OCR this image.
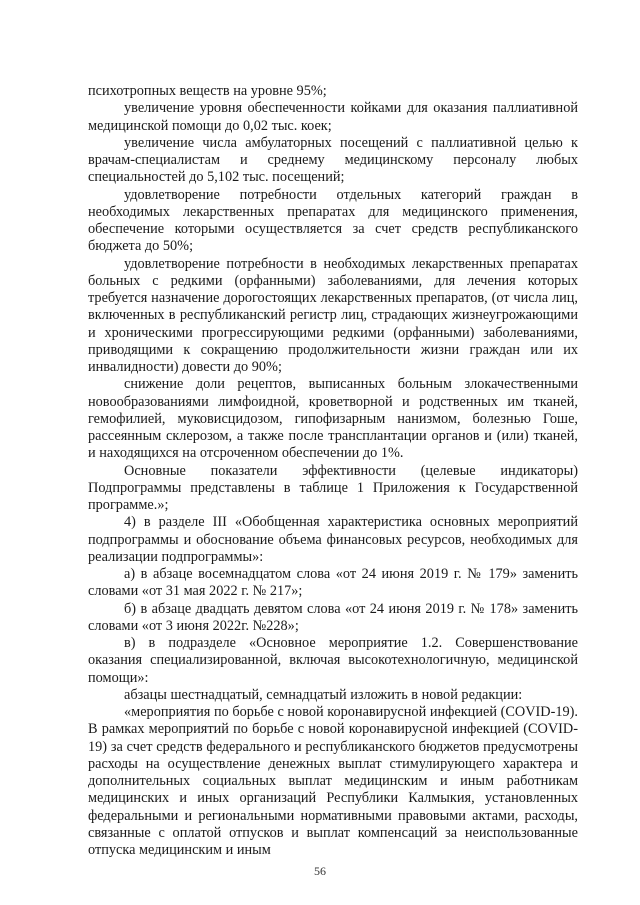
психотропных веществ на уровне 95%;

увеличение уровня обеспеченности койками для оказания паллиативной медицинской помощи до 0,02 тыс. коек;

увеличение числа амбулаторных посещений с паллиативной целью к врачам-специалистам и среднему медицинскому персоналу любых специальностей до 5,102 тыс. посещений;

удовлетворение потребности отдельных категорий граждан в необходимых лекарственных препаратах для медицинского применения, обеспечение которыми осуществляется за счет средств республиканского бюджета до 50%;

удовлетворение потребности в необходимых лекарственных препаратах больных с редкими (орфанными) заболеваниями, для лечения которых требуется назначение дорогостоящих лекарственных препаратов, (от числа лиц, включенных в республиканский регистр лиц, страдающих жизнеугрожающими и хроническими прогрессирующими редкими (орфанными) заболеваниями, приводящими к сокращению продолжительности жизни граждан или их инвалидности) довести до 90%;

снижение доли рецептов, выписанных больным злокачественными новообразованиями лимфоидной, кроветворной и родственных им тканей, гемофилией, муковисцидозом, гипофизарным нанизмом, болезнью Гоше, рассеянным склерозом, а также после трансплантации органов и (или) тканей, и находящихся на отсроченном обеспечении до 1%.

Основные показатели эффективности (целевые индикаторы) Подпрограммы представлены в таблице 1 Приложения к Государственной программе.»;

4) в разделе III «Обобщенная характеристика основных мероприятий подпрограммы и обоснование объема финансовых ресурсов, необходимых для реализации подпрограммы»:

а) в абзаце восемнадцатом слова «от 24 июня 2019 г. № 179» заменить словами «от 31 мая 2022 г. № 217»;

б) в абзаце двадцать девятом слова «от 24 июня 2019 г. № 178» заменить словами «от 3 июня 2022г. №228»;

в) в подразделе «Основное мероприятие 1.2. Совершенствование оказания специализированной, включая высокотехнологичную, медицинской помощи»:

абзацы шестнадцатый, семнадцатый изложить в новой редакции:

«мероприятия по борьбе с новой коронавирусной инфекцией (COVID-19). В рамках мероприятий по борьбе с новой коронавирусной инфекцией (COVID-19) за счет средств федерального и республиканского бюджетов предусмотрены расходы на осуществление денежных выплат стимулирующего характера и дополнительных социальных выплат медицинским и иным работникам медицинских и иных организаций Республики Калмыкия, установленных федеральными и региональными нормативными правовыми актами, расходы, связанные с оплатой отпусков и выплат компенсаций за неиспользованные отпуска медицинским и иным

56
